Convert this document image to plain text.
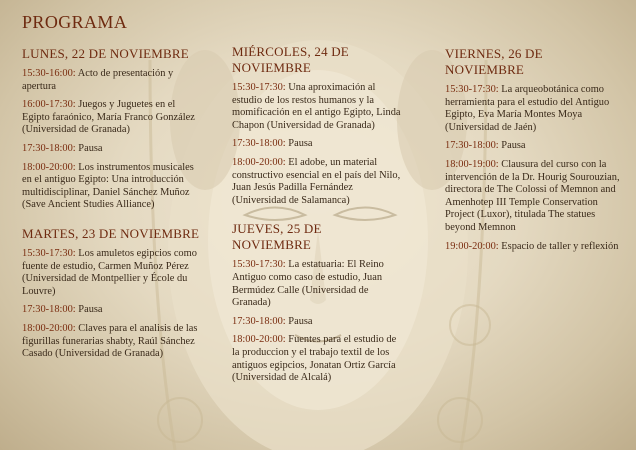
PROGRAMA
LUNES, 22 DE NOVIEMBRE

15:30-16:00: Acto de presentación y apertura

16:00-17:30: Juegos y Juguetes en el Egipto faraónico, María Franco González (Universidad de Granada)

17:30-18:00: Pausa

18:00-20:00: Los instrumentos musicales en el antiguo Egipto: Una introducción multidisciplinar, Daniel Sánchez Muñoz (Save Ancient Studies Alliance)

MARTES, 23 DE NOVIEMBRE

15:30-17:30: Los amuletos egipcios como fuente de estudio, Carmen Muñoz Pérez (Universidad de Montpellier y École du Louvre)

17:30-18:00: Pausa

18:00-20:00: Claves para el analisis de las figurillas funerarias shabty, Raúl Sánchez Casado (Universidad de Granada)

MIÉRCOLES, 24 DE NOVIEMBRE

15:30-17:30: Una aproximación al estudio de los restos humanos y la momificación en el antigo Egipto, Linda Chapon (Universidad de Granada)

17:30-18:00: Pausa

18:00-20:00: El adobe, un material constructivo esencial en el país del Nilo, Juan Jesús Padilla Fernández (Universidad de Salamanca)

JUEVES, 25 DE NOVIEMBRE

15:30-17:30: La estatuaria: El Reino Antiguo como caso de estudio, Juan Bermúdez Calle (Universidad de Granada)

17:30-18:00: Pausa

18:00-20:00: Fuentes para el estudio de la produccion y el trabajo textil de los antiguos egipcios, Jonatan Ortiz García (Universidad de Alcalá)

VIERNES, 26 DE NOVIEMBRE

15:30-17:30: La arqueobotánica como herramienta para el estudio del Antiguo Egipto, Eva María Montes Moya (Universidad de Jaén)

17:30-18:00: Pausa

18:00-19:00: Clausura del curso con la intervención de la Dr. Hourig Sourouzian, directora de The Colossi of Memnon and Amenhotep III Temple Conservation Project (Luxor), titulada The statues beyond Memnon

19:00-20:00: Espacio de taller y reflexión
